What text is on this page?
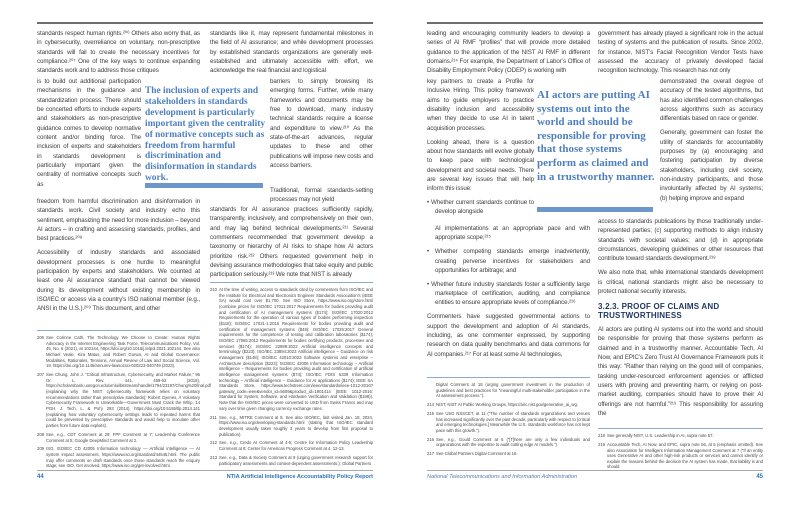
standards respect human rights.²⁰⁶ Others also worry that, as in cybersecurity, overreliance on voluntary, non-prescriptive standards will fail to create the necessary incentives for compliance.²⁰⁷ One of the key ways to continue expanding standards work and to address those critiques
is to build out additional participation mechanisms in the guidance and standardization process. There should be concerted efforts to include experts and stakeholders as non-prescriptive guidance comes to develop normative content and/or binding force. The inclusion of experts and stakeholders in standards development is particularly important given the centrality of normative concepts such as
freedom from harmful discrimination and disinformation in standards work. Civil society and industry echo this sentiment, emphasizing the need for more inclusion – beyond AI actors – in crafting and assessing standards, profiles, and best practices.²⁰⁸
Accessibility of industry standards and associated development processes is one hurdle to meaningful participation by experts and stakeholders. We counted at least one AI assurance standard that cannot be viewed during its development without existing membership in ISO/IEC or access via a country’s ISO national member (e.g., ANSI in the U.S.).²⁰⁹ This document, and other
The inclusion of experts and stakeholders in standards development is particularly important given the centrality of normative concepts such as freedom from harmful discrimination and disinformation in standards work.
standards like it, may represent fundamental milestones in the field of AI assurance; and while development processes by established standards organizations are generally well-established and ultimately accessible with effort, we acknowledge the real financial and logistical
barriers to simply browsing its emerging forms. Further, while many frameworks and documents may be free to download, many industry technical standards require a license and expenditure to view.²¹⁰ As the state-of-the-art advances, regular updates to these and other publications will impose new costs and access barriers.
Traditional, formal standards-setting processes may not yield
standards for AI assurance practices sufficiently rapidly, transparently, inclusively, and comprehensively on their own, and may lag behind technical developments.²¹¹ Several commenters recommended that government develop a taxonomy or hierarchy of AI risks to shape how AI actors prioritize risk.²¹² Others requested government help in devising assurance methodologies that take equity and public participation seriously.²¹³ We note that NIST is already
206 See Corinne Cath, The Technology We Choose to Create: Human Rights Advocacy in the Internet Engineering Task Force, Telecommunications Policy, Vol. 45, No. 6 (2021), at 102144, https://doi.org/10.1016/j.telpol.2021.102144. See also Michael Veale, Kira Matus, and Robert Gorwa, AI and Global Governance: Modalities, Rationales, Tensions, Annual Review of Law and Social Science, Vol. 19, https://doi.org/10.1146/annurev-lawsocsci-020223-040749 (2023).
207 See Chung, John J. “Critical Infrastructure, Cybersecurity, and Market Failure,” 96 Or. L. Rev. 441, 459-62 (2018), https://scholarsbank.uoregon.edu/xmlui/bitstream/handle/1794/23197/Chung%20final.pdf (explaining why the NIST cybersecurity framework relies on voluntary recommendations rather than prescriptive standards); Robert Gyenes, A Voluntary Cybersecurity Framework Is Unworkable—Government Must Crack the Whip, 14 PGH. J. Tech. L. & Pol’y 293 (2014), https://doi.org/10.5195/tlp.2014.141 (explaining how voluntary cybersecurity settings leads to repeated harms that could be prevented by prescriptive standards and would help to inoculate other parties from future data exploits).
208 See, e.g., CDT Comment at 29; FPF Comment at 7; Leadership Conference Comment at 5; Google DeepMind Comment at 2.
209 ISO, ISO/IEC CD 42005 Information technology — Artificial intelligence — AI system impact assessment, https://www.iso.org/standard/44545.html. The public may offer comments on draft standards once those standards reach the enquiry stage; see ISO, Get involved, https://www.iso.org/get-involved.html.
210 At the time of writing, access to standards cited by commenters from ISO/IEC and the Institute for Electrical and Electronics Engineer Standards Association’s (IEEE SA) would cost over $1,700. See ISO Store, https://www.iso.org/store.html (combine prices for ISO/IEC 17011:2017 Requirements for bodies providing audit and certification of AI management systems ($174); ISO/IEC 17020:2012 Requirements for the operation of various types of bodies performing inspection ($118); ISO/IEC 17021-1:2015 Requirements for bodies providing audit and certification of management systems ($48); ISO/IEC 17025:2017 General requirements for the competence of testing and calibration laboratories ($174); ISO/IEC 17065:2012 Requirements for bodies certifying products, processes and services ($174); ISO/IEC 22989:2022 Artificial intelligence concepts and terminology ($223); ISO/IEC 23894:2023 Artificial intelligence – Guidance on risk management ($148); ISO/IEC 42010:2023 Software systems and enterprise – Architecture description ($223); ISO/IEC 42006 Information technology – Artificial intelligence – Requirements for bodies providing audit and certification of artificial intelligence management systems ($74); ISO/IEC FDIS 5339 Information technology – Artificial intelligence – Guidance for AI applications ($174); IEEE SA Standards Store, https://www.techstreet.com/ieee/standards/ieee-1012-2016?gateway_code=ieee&vendor_id=5609&product_id=1901414 (IEEE 1012-2016: Standard for System, Software, and Hardware Verification and Validation ($198)). Note that the ISO/IEC prices were converted to USD from Swiss Francs and may vary over time given changing currency exchange rates.
211 See, e.g., MITRE Comment at 8. See also ISO/IEC, last visited Jan. 18, 2024, https://www.iso.org/developing-standards.html (stating that ISO/IEC standard development usually takes roughly 3 years to develop from first proposal to publication).
212 See, e.g., Credo AI Comment at 4-5; Centre for Information Policy Leadership Comment at 8; Center for American Progress Comment at 4, 12-13.
213 See, e.g., Data & Society Comment at 9 (urging government research support for participatory assessments and context-dependent assessments.); Global Partners
44	NTIA Artificial Intelligence Accountability Policy Report
leading and encouraging community leaders to develop a series of AI RMF “profiles” that will provide more detailed guidance to the application of the NIST AI RMF in different domains.²¹⁴ For example, the Department of Labor’s Office of Disability Employment Policy (ODEP) is working with
key partners to create a Profile for Inclusive Hiring. This policy framework aims to guide employers to practice disability inclusion and accessibility when they decide to use AI in talent acquisition processes.
Looking ahead, there is a question about how standards will evolve globally to keep pace with technological development and societal needs. There are several key issues that will help inform this issue:
• Whether current standards continue to develop alongside
AI implementations at an appropriate pace and with appropriate scope;²¹⁵
• Whether competing standards emerge inadvertently, creating perverse incentives for stakeholders and opportunities for arbitrage; and
• Whether future industry standards foster a sufficiently large marketplace of certification, auditing, and compliance entities to ensure appropriate levels of compliance.²¹⁶
Commenters have suggested governmental actions to support the development and adoption of AI standards, including, as one commenter expressed, by supporting research on data quality benchmarks and data commons for AI companies.²¹⁷ For at least some AI technologies,
AI actors are putting AI systems out into the world and should be responsible for proving that those systems perform as claimed and in a trustworthy manner.
government has already played a significant role in the actual testing of systems and the publication of results. Since 2002, for instance, NIST’s Facial Recognition Vendor Tests have assessed the accuracy of privately developed facial recognition technology. This research has not only
demonstrated the overall degree of accuracy of the tested algorithms, but has also identified common challenges across algorithms such as accuracy differentials based on race or gender.
Generally, government can foster the utility of standards for accountability purposes by (a) encouraging and fostering participation by diverse stakeholders, including civil society, non-industry participants, and those involuntarily affected by AI systems; (b) helping improve and expand
access to standards publications by those traditionally under-represented parties; (c) supporting methods to align industry standards with societal values; and (d) in appropriate circumstances, developing guidelines or other resources that contribute toward standards development.²¹⁸
We also note that, while international standards development is critical, national standards might also be necessary to protect national security interests.
3.2.3. PROOF OF CLAIMS AND TRUSTWORTHINESS
AI actors are putting AI systems out into the world and should be responsible for proving that those systems perform as claimed and in a trustworthy manner. Accountable Tech, AI Now, and EPIC’s Zero Trust AI Governance Framework puts it this way: “Rather than relying on the good will of companies, tasking under-resourced enforcement agencies or afflicted users with proving and preventing harm, or relying on post-market auditing, companies should have to prove their AI offerings are not harmful.”²¹⁹ This responsibility for assuring the
Digital Comment at 18 (urging government investment in the production of guidelines and best practices for “meaningful multi-stakeholder participation in the AI assessment process.”).
214 NIST, NIST AI Public Working Groups, https://airc.nist.gov/generative_ai_wg.
215 See USG NSSCET, at 11 (“The number of standards organizations and venues has increased significantly over the past decade, particularly with respect to [critical and emerging technologies.] Meanwhile the U.S. standards workforce has not kept pace with this growth.”).
216 See, e.g., Gould Comment at 5 (“[T]here are only a few individuals and organizations with the expertise to audit cutting edge AI models.”).
217 See Global Partners Digital Comment at 16.
218 See generally NIST, U.S. Leadership in AI, supra note 57.
219 Accountable Tech, AI Now, and EPIC, supra note 56, at 5 (emphasis omitted). See also Association for Intelligent Information Management Comment at 7 (“If an entity uses Generative AI and other high-risk products or services and cannot identify or explain the reasons behind the decision the AI system has made, that liability is and should
National Telecommunications and Information Administration	45
